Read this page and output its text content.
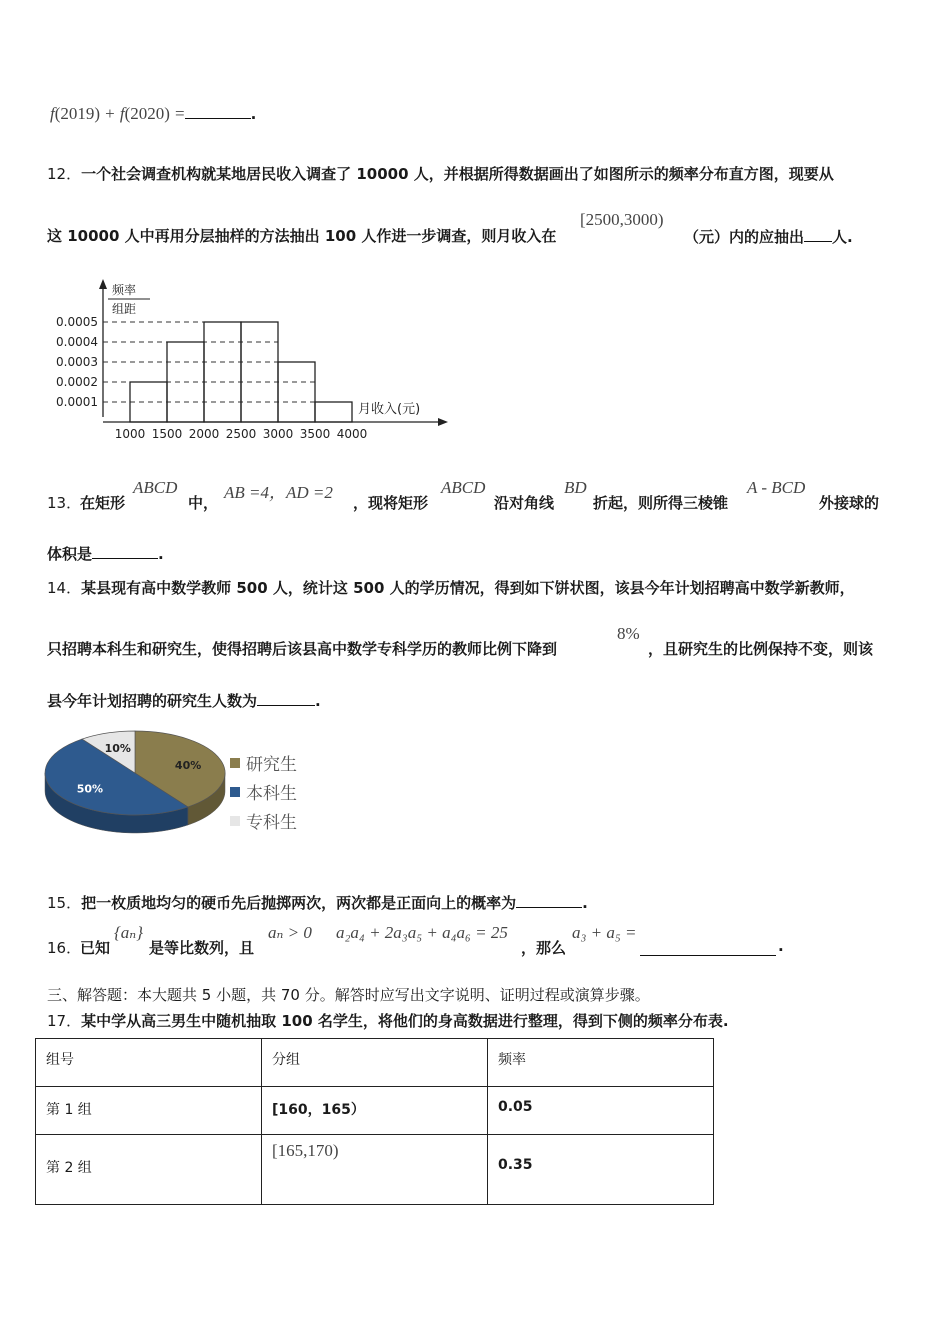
f(2019) + f(2020) =	.
12．一个社会调查机构就某地居民收入调查了 10000 人，并根据所得数据画出了如图所示的频率分布直方图，现要从
这 10000 人中再用分层抽样的方法抽出 100 人作进一步调查，则月收入在
[2500,3000)
（元）内的应抽出 人.
频率
组距
月收入(元)
0.0001
0.0002
0.0003
0.0004
0.0005
1000 1500 2000 2500 3000 3500 4000
13．
在矩形
ABCD
中，
AB =4，AD =2
，现将矩形
ABCD
沿对角线
BD
折起，则所得三棱锥
A - BCD
外接球的
体积是	.
14．某县现有高中数学教师 500 人，统计这 500 人的学历情况，得到如下饼状图，该县今年计划招聘高中数学新教师，
只招聘本科生和研究生，使得招聘后该县高中数学专科学历的教师比例下降到
8%
，且研究生的比例保持不变，则该
县今年计划招聘的研究生人数为	.
40%
50%
10%
研究生
本科生
专科生
15．把一枚质地均匀的硬币先后抛掷两次，两次都是正面向上的概率为	.
16．
已知
{aₙ}
是等比数列，且
aₙ > 0 a₂a₄ + 2a₃a₅ + a₄a₆ = 25
，那么
a₃ + a₅ =
.
三、解答题：本大题共 5 小题，共 70 分。解答时应写出文字说明、证明过程或演算步骤。
17．某中学从高三男生中随机抽取 100 名学生，将他们的身高数据进行整理，得到下侧的频率分布表.
组号	分组	频率
第 1 组	[160，165）	0.05
第 2 组	[165,170)	0.35
